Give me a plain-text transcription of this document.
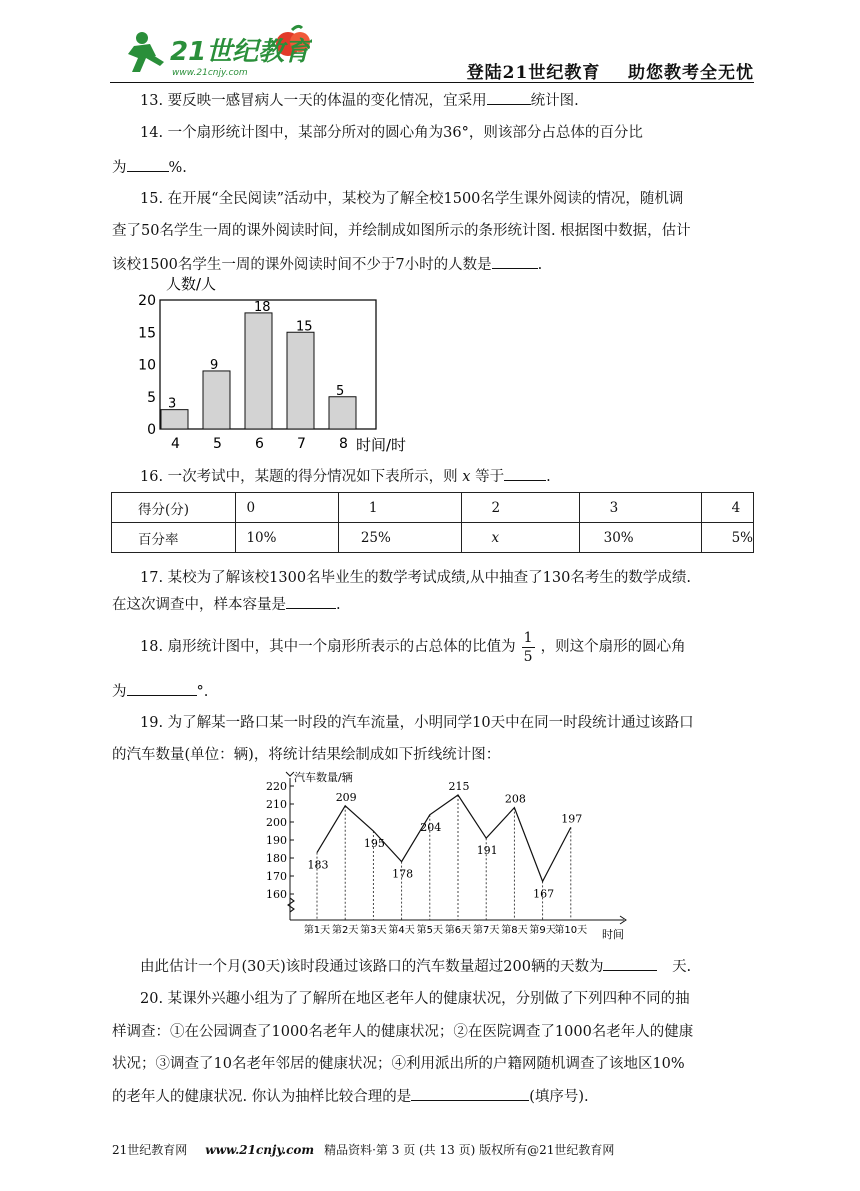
21世纪教育
www.21cnjy.com	登陆21世纪教育    助您教考全无忧
13. 要反映一感冒病人一天的体温的变化情况，宜采用	统计图.
14. 一个扇形统计图中，某部分所对的圆心角为36°，则该部分占总体的百分比
为	%.
15. 在开展“全民阅读”活动中，某校为了解全校1500名学生课外阅读的情况，随机调
查了50名学生一周的课外阅读时间，并绘制成如图所示的条形统计图. 根据图中数据，估计
该校1500名学生一周的课外阅读时间不少于7小时的人数是	.
人数/人
0
5
10
15
20
3
4
9
5
18
6
15
7
5
8 时间/时
16. 一次考试中，某题的得分情况如下表所示，则 x 等于	.
得分(分)	0	1	2	3	4
百分率	10%	25%	x	30%	5%
17. 某校为了解该校1300名毕业生的数学考试成绩,从中抽查了130名考生的数学成绩.
在这次调查中，样本容量是	.
18. 扇形统计图中，其中一个扇形所表示的占总体的比值为 $\frac{1}{5}$ ，则这个扇形的圆心角
为	°.
19. 为了解某一路口某一时段的汽车流量，小明同学10天中在同一时段统计通过该路口
的汽车数量(单位：辆)，将统计结果绘制成如下折线统计图：
汽车数量/辆
时间
160
170
180
190
200
210
220
第1天 第2天 第3天 第4天 第5天 第6天 第7天 第8天 第9天
第10天
183
209
195
178
204
215
191
208
167
197
由此估计一个月(30天)该时段通过该路口的汽车数量超过200辆的天数为	天.
20. 某课外兴趣小组为了了解所在地区老年人的健康状况，分别做了下列四种不同的抽
样调查：①在公园调查了1000名老年人的健康状况；②在医院调查了1000名老年人的健康
状况；③调查了10名老年邻居的健康状况；④利用派出所的户籍网随机调查了该地区10%
的老年人的健康状况. 你认为抽样比较合理的是	(填序号).
21世纪教育网 www.21cnjy.com 精品资料·第 3 页 (共 13 页) 版权所有@21世纪教育网
